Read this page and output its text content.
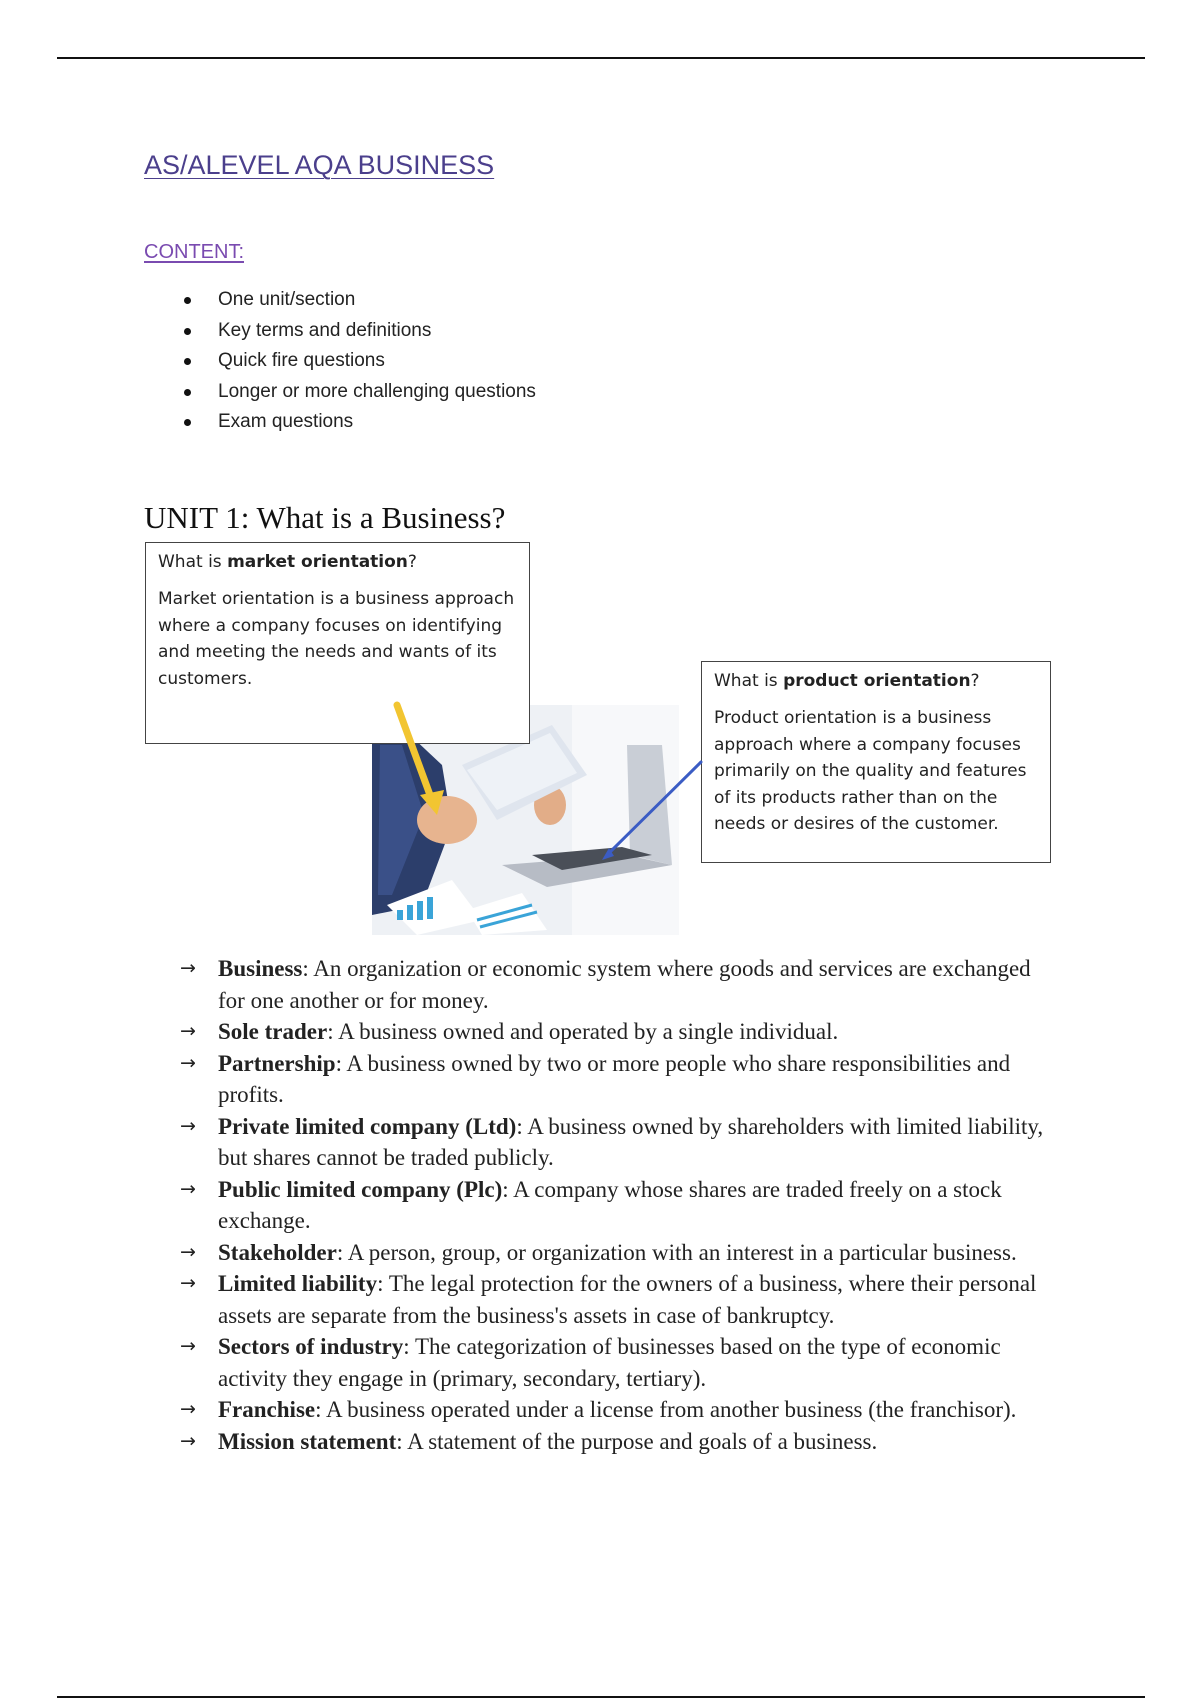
AS/ALEVEL AQA BUSINESS
CONTENT:
One unit/section
Key terms and definitions
Quick fire questions
Longer or more challenging questions
Exam questions
UNIT 1: What is a Business?

What is market orientation?

Market orientation is a business approach where a company focuses on identifying and meeting the needs and wants of its customers.	What is product orientation?

Product orientation is a business approach where a company focuses primarily on the quality and features of its products rather than on the needs or desires of the customer.

→ Business: An organization or economic system where goods and services are exchanged for one another or for money.
→ Sole trader: A business owned and operated by a single individual.
→ Partnership: A business owned by two or more people who share responsibilities and profits.
→ Private limited company (Ltd): A business owned by shareholders with limited liability, but shares cannot be traded publicly.
→ Public limited company (Plc): A company whose shares are traded freely on a stock exchange.
→ Stakeholder: A person, group, or organization with an interest in a particular business.
→ Limited liability: The legal protection for the owners of a business, where their personal assets are separate from the business's assets in case of bankruptcy.
→ Sectors of industry: The categorization of businesses based on the type of economic activity they engage in (primary, secondary, tertiary).
→ Franchise: A business operated under a license from another business (the franchisor).
→ Mission statement: A statement of the purpose and goals of a business.
